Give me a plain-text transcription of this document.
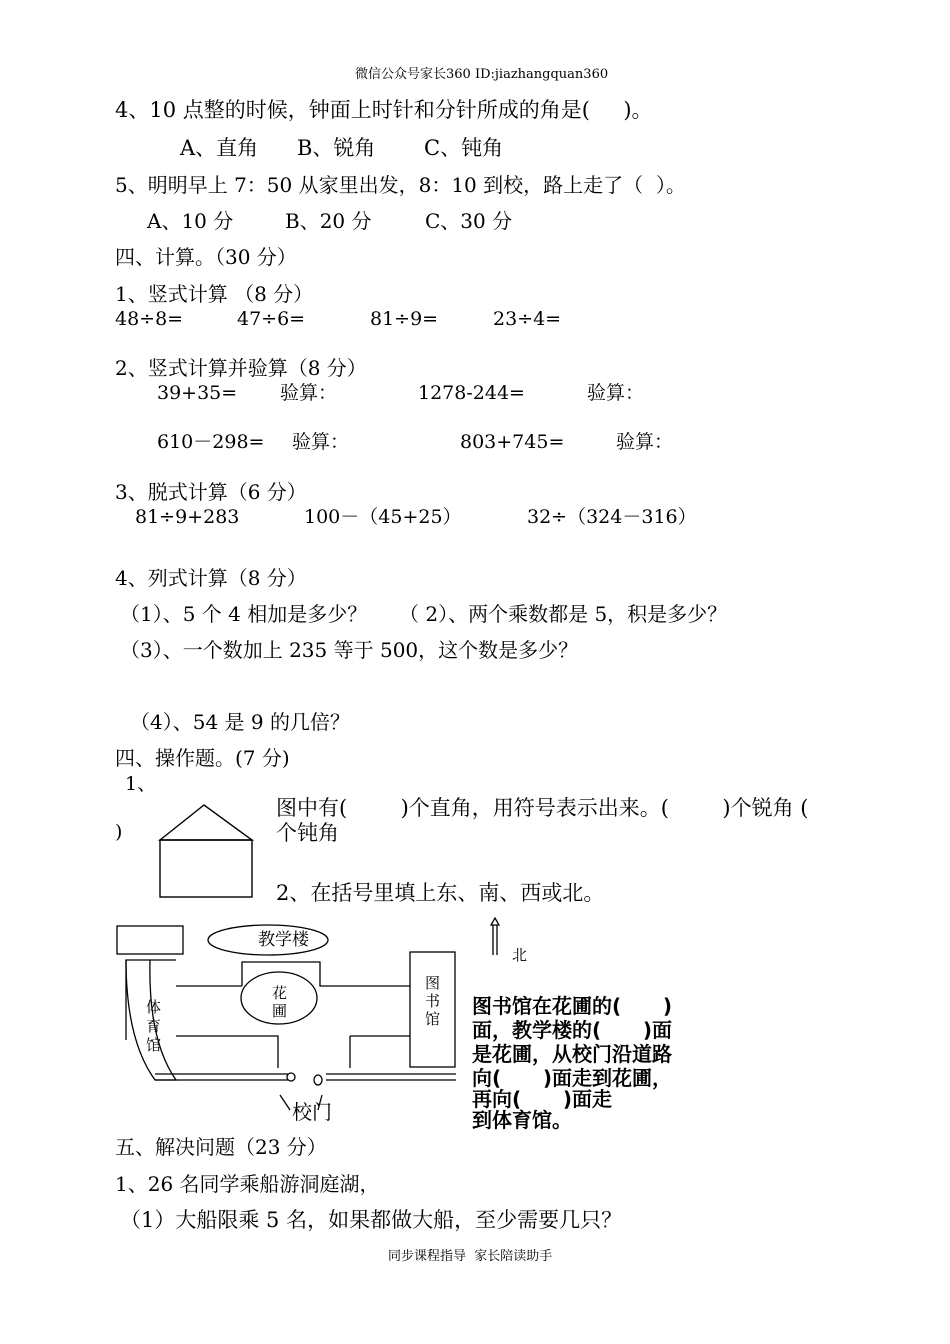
微信公众号家长360 ID:jiazhangquan360
同步课程指导  家长陪读助手
4、10 点整的时候，钟面上时针和分针所成的角是(     )。
A、直角 B、锐角 C、钝角
5、明明早上 7：50 从家里出发，8：10 到校，路上走了（  ）。
A、10 分	B、20 分	C、30 分
四、计算。（30 分）
1、竖式计算 （8 分）
48÷8=	47÷6=	81÷9=	23÷4=
2、竖式计算并验算（8 分）
39+35= 验算：	1278-244=	验算：
610－298= 验算：	803+745=	验算：
3、脱式计算（6 分）
81÷9+283	100－（45+25）	32÷（324－316）
4、列式计算（8 分）
（1）、5 个 4 相加是多少？ （ 2）、两个乘数都是 5，积是多少？
（3）、一个数加上 235 等于 500，这个数是多少？
（4）、54 是 9 的几倍？
四、操作题。(7 分)
1、
图中有(        )个直角，用符号表示出来。(        )个锐角 (
)	个钝角
2、在括号里填上东、南、西或北。
教学楼
北
花
圃
图
书
馆
体
育
馆
校门
图书馆在花圃的(      )
面，教学楼的(      )面
是花圃，从校门沿道路
向(      )面走到花圃，
再向(      )面走
到体育馆。
五、解决问题（23 分）
1、26 名同学乘船游洞庭湖，
（1）大船限乘 5 名，如果都做大船，至少需要几只？
